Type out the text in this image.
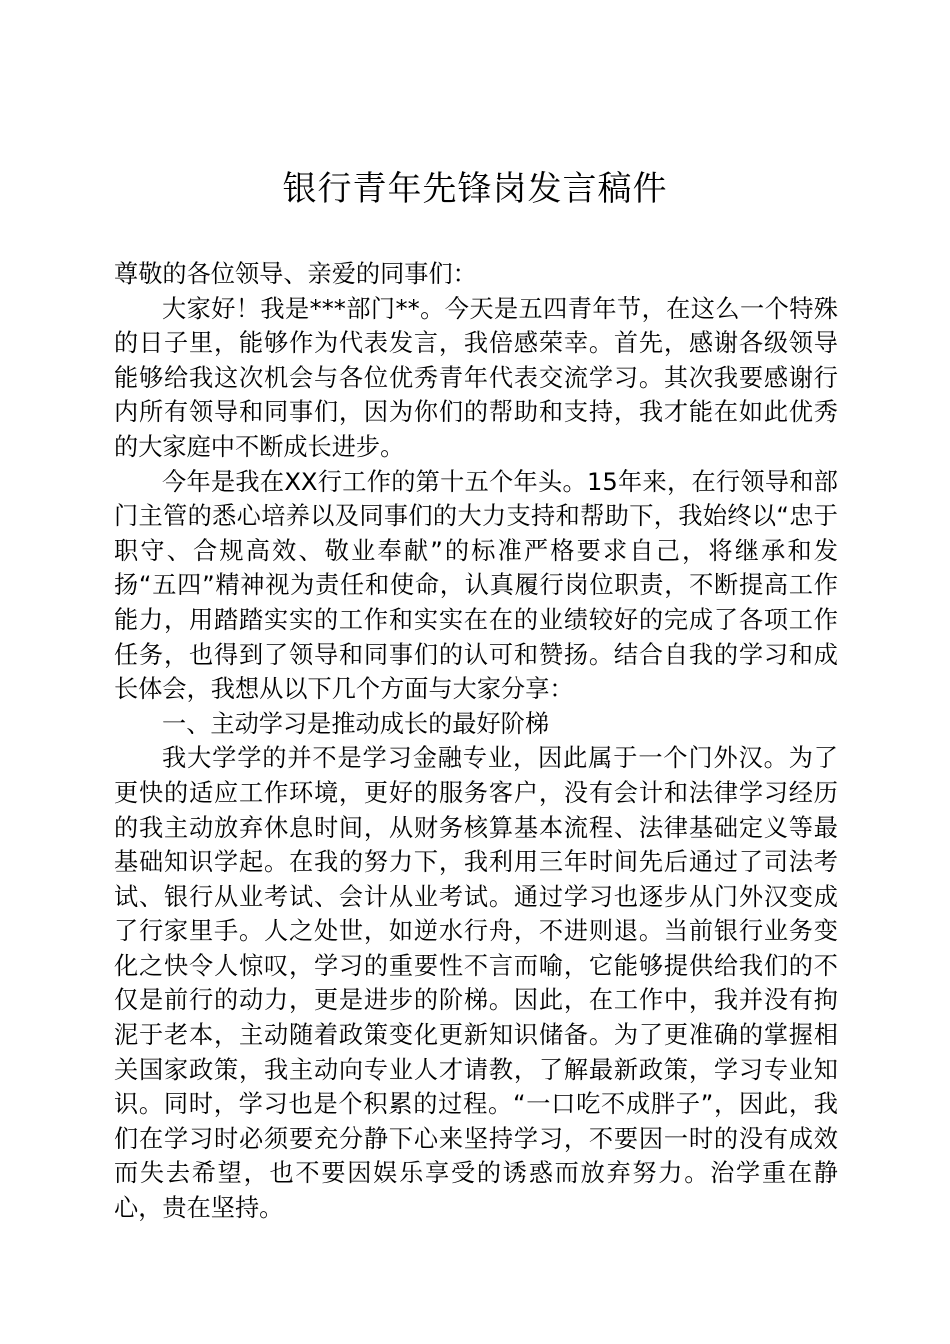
银行青年先锋岗发言稿件

尊敬的各位领导、亲爱的同事们：

大家好！我是***部门**。今天是五四青年节，在这么一个特殊的日子里，能够作为代表发言，我倍感荣幸。首先，感谢各级领导能够给我这次机会与各位优秀青年代表交流学习。其次我要感谢行内所有领导和同事们，因为你们的帮助和支持，我才能在如此优秀的大家庭中不断成长进步。

今年是我在XX行工作的第十五个年头。15年来，在行领导和部门主管的悉心培养以及同事们的大力支持和帮助下，我始终以“忠于职守、合规高效、敬业奉献”的标准严格要求自己，将继承和发扬“五四”精神视为责任和使命，认真履行岗位职责，不断提高工作能力，用踏踏实实的工作和实实在在的业绩较好的完成了各项工作任务，也得到了领导和同事们的认可和赞扬。结合自我的学习和成长体会，我想从以下几个方面与大家分享：

一、主动学习是推动成长的最好阶梯

我大学学的并不是学习金融专业，因此属于一个门外汉。为了更快的适应工作环境，更好的服务客户，没有会计和法律学习经历的我主动放弃休息时间，从财务核算基本流程、法律基础定义等最基础知识学起。在我的努力下，我利用三年时间先后通过了司法考试、银行从业考试、会计从业考试。通过学习也逐步从门外汉变成了行家里手。人之处世，如逆水行舟，不进则退。当前银行业务变化之快令人惊叹，学习的重要性不言而喻，它能够提供给我们的不仅是前行的动力，更是进步的阶梯。因此，在工作中，我并没有拘泥于老本，主动随着政策变化更新知识储备。为了更准确的掌握相关国家政策，我主动向专业人才请教，了解最新政策，学习专业知识。同时，学习也是个积累的过程。“一口吃不成胖子”，因此，我们在学习时必须要充分静下心来坚持学习，不要因一时的没有成效而失去希望，也不要因娱乐享受的诱惑而放弃努力。治学重在静心，贵在坚持。
